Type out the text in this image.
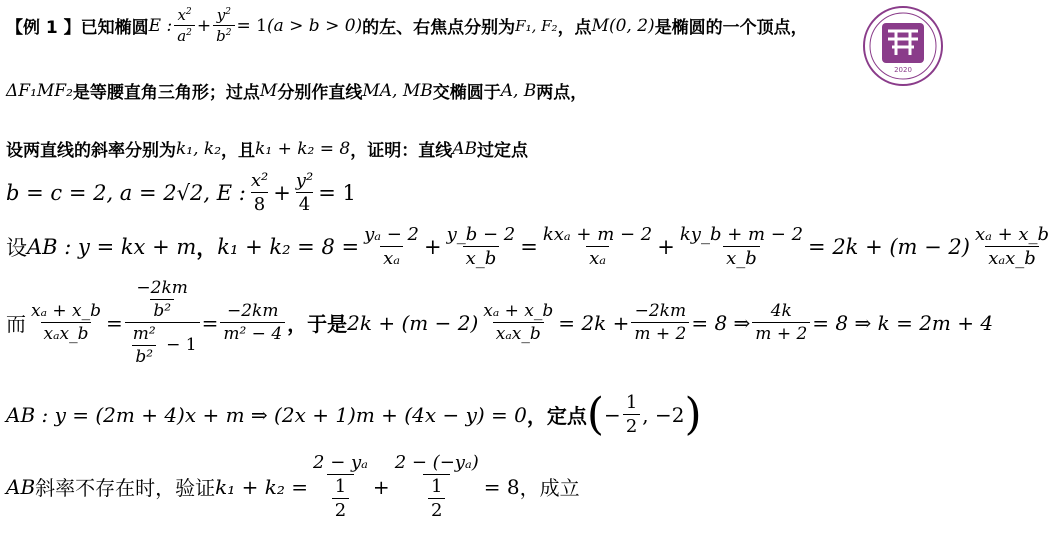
【例 1 】 已知椭圆 E : $\frac{x^2}{a^2} + \frac{y^2}{b^2} = 1$ (a > b > 0) 的左、右焦点分别为 F₁, F₂ ，点 M(0, 2) 是椭圆的一个顶点，
ΔF₁MF₂ 是等腰直角三角形；过点 M 分别作直线 MA, MB 交椭圆于 A, B 两点，
设两直线的斜率分别为 k₁, k₂ ，且 k₁ + k₂ = 8 ，证明：直线 AB 过定点
b = c = 2, a = 2√2, E : $\frac{\text{x²}}{8} + \frac{\text{y²}}{4} = 1$
设 AB : y = kx + m ， $k_1 + k_2 = 8 = \frac{\text{yₐ − 2}}{\text{xₐ}} + \frac{y\_b - 2}{x\_b} = \frac{\text{kxₐ + m − 2}}{\text{xₐ}} + \frac{ky\_b + m - 2}{x\_b} = 2k + (m - 2) \frac{\text{xₐ + x\_b}}{\text{xₐx\_b}}$
而 $\frac{\text{xₐ + x\_b}}{\text{xₐx\_b}} = \frac{\frac{-2km}{\text{b²}}}{\frac{\text{m²}}{\text{b²}} - 1} = \frac{-2km}{\text{m² − 4}}$ ，于是 $2k + (m - 2) \frac{\text{xₐ + x\_b}}{\text{xₐx\_b}} = 2k + \frac{-2km}{m + 2} = 8$ ⇒ $\frac{4k}{m + 2} = 8$ ⇒ k = 2m + 4
AB : y = (2m + 4)x + m ⇒ (2x + 1)m + (4x − y) = 0 ，定点 ( − $\frac{1}{2}$ , −2 )
AB 斜率不存在时，验证 $k_1 + k_2 = \frac{\text{2 − yₐ}}{\frac{1}{2}} + \frac{\text{2 − (−yₐ)}}{\frac{1}{2}} = 8$ ，成立
2020
